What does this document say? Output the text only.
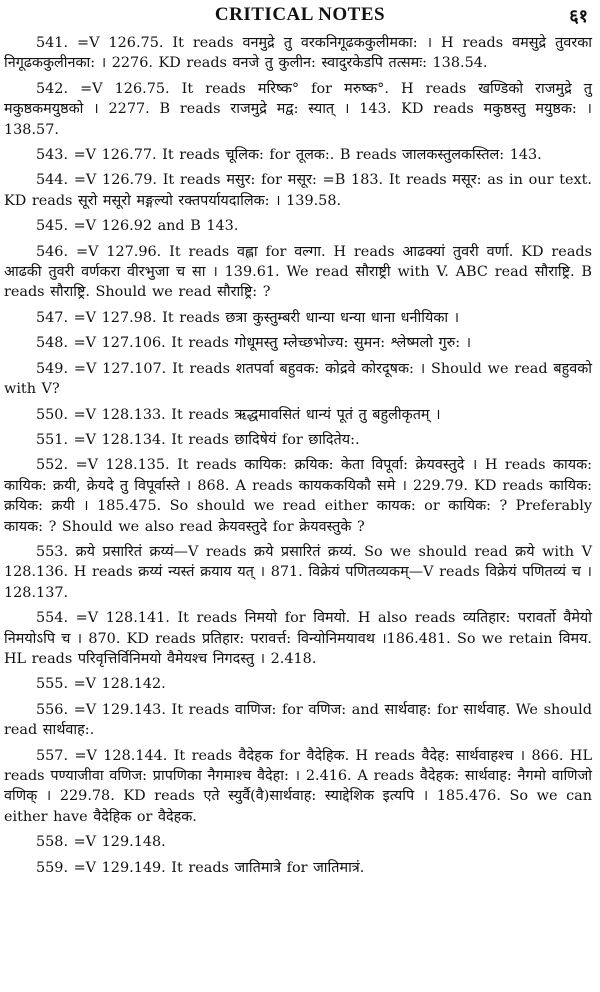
CRITICAL NOTES	६१

541. =V 126.75. It reads वनमुद्रे तु वरकनिगूढककुलीमका: । H reads वमसुद्रे तुवरका निगूढककुलीनका: । 2276. KD reads वनजे तु कुलीन: स्वादुरकेडपि तत्समः: 138.54.

542. =V 126.75. It reads मरिष्क° for मरुष्क°. H reads खण्डिको राजमुद्रे तु मकुष्ठकमयुष्ठको । 2277. B reads राजमुद्रे मद्व: स्यात् । 143. KD reads मकुष्ठस्तु मयुष्ठक: । 138.57.

543. =V 126.77. It reads चूलिक: for तूलक:. B reads जालकस्तुलकस्तिल: 143.

544. =V 126.79. It reads मसुर: for मसूर: =B 183. It reads मसूर: as in our text. KD reads सूरो मसूरो मङ्गल्यो रक्तपर्यायदालिक: । 139.58.

545. =V 126.92 and B 143.

546. =V 127.96. It reads वह्ला for वल्गा. H reads आढक्यां तुवरी वर्णा. KD reads आढकी तुवरी वर्णकरा वीरभुजा च सा । 139.61. We read सौराष्ट्री with V. ABC read सौराष्ट्रि. B reads सौराष्ट्रि. Should we read सौराष्ट्रि: ?

547. =V 127.98. It reads छत्रा कुस्तुम्बरी धान्या धन्या धाना धनीयिका ।

548. =V 127.106. It reads गोधूमस्तु म्लेच्छभोज्य: सुमन: श्लेष्मलो गुरु: ।

549. =V 127.107. It reads शतपर्वा बहुवक: कोद्रवे कोरदूषक: । Should we read बहुवको with V?

550. =V 128.133. It reads ऋद्धमावसितं धान्यं पूतं तु बहुलीकृतम् ।

551. =V 128.134. It reads छादिषेयं for छादितेय:.

552. =V 128.135. It reads कायिक: क्रयिक: केता विपूर्वा: क्रेयवस्तुदे । H reads कायक: कायिक: क्रयी, क्रेयदे तु विपूर्वास्ते । 868. A reads कायककयिकौ समे । 229.79. KD reads कायिक: क्रयिक: क्रयी । 185.475. So should we read either कायक: or कायिक: ? Preferably कायक: ? Should we also read क्रेयवस्तुदे for क्रेयवस्तुके ?

553. क्रये प्रसारितं क्रय्यं—V reads क्रये प्रसारितं क्रय्यं. So we should read क्रये with V 128.136. H reads क्रय्यं न्यस्तं क्रयाय यत् । 871. विक्रेयं पणितव्यकम्—V reads विक्रेयं पणितव्यं च । 128.137.

554. =V 128.141. It reads निमयो for विमयो. H also reads व्यतिहार: परावर्तो वैमेयो निमयोऽपि च । 870. KD reads प्रतिहार: परावर्त्त: विन्योनिमयावथ ।186.481. So we retain विमय. HL reads परिवृत्तिर्विनिमयो वैमेयश्च निगदस्तु । 2.418.

555. =V 128.142.

556. =V 129.143. It reads वाणिज: for वणिज: and सार्थवाह: for सार्थवाह. We should read सार्थवाह:.

557. =V 128.144. It reads वैदेहक for वैदेहिक. H reads वैदेह: सार्थवाहश्च । 866. HL reads पण्याजीवा वणिज: प्रापणिका नैगमाश्च वैदेहा: । 2.416. A reads वैदेहक: सार्थवाह: नैगमो वाणिजो वणिक् । 229.78. KD reads एते स्युर्वै(वै)सार्थवाह: स्याद्देशिक इत्यपि । 185.476. So we can either have वैदेहिक or वैदेहक.

558. =V 129.148.

559. =V 129.149. It reads जातिमात्रे for जातिमात्रं.
